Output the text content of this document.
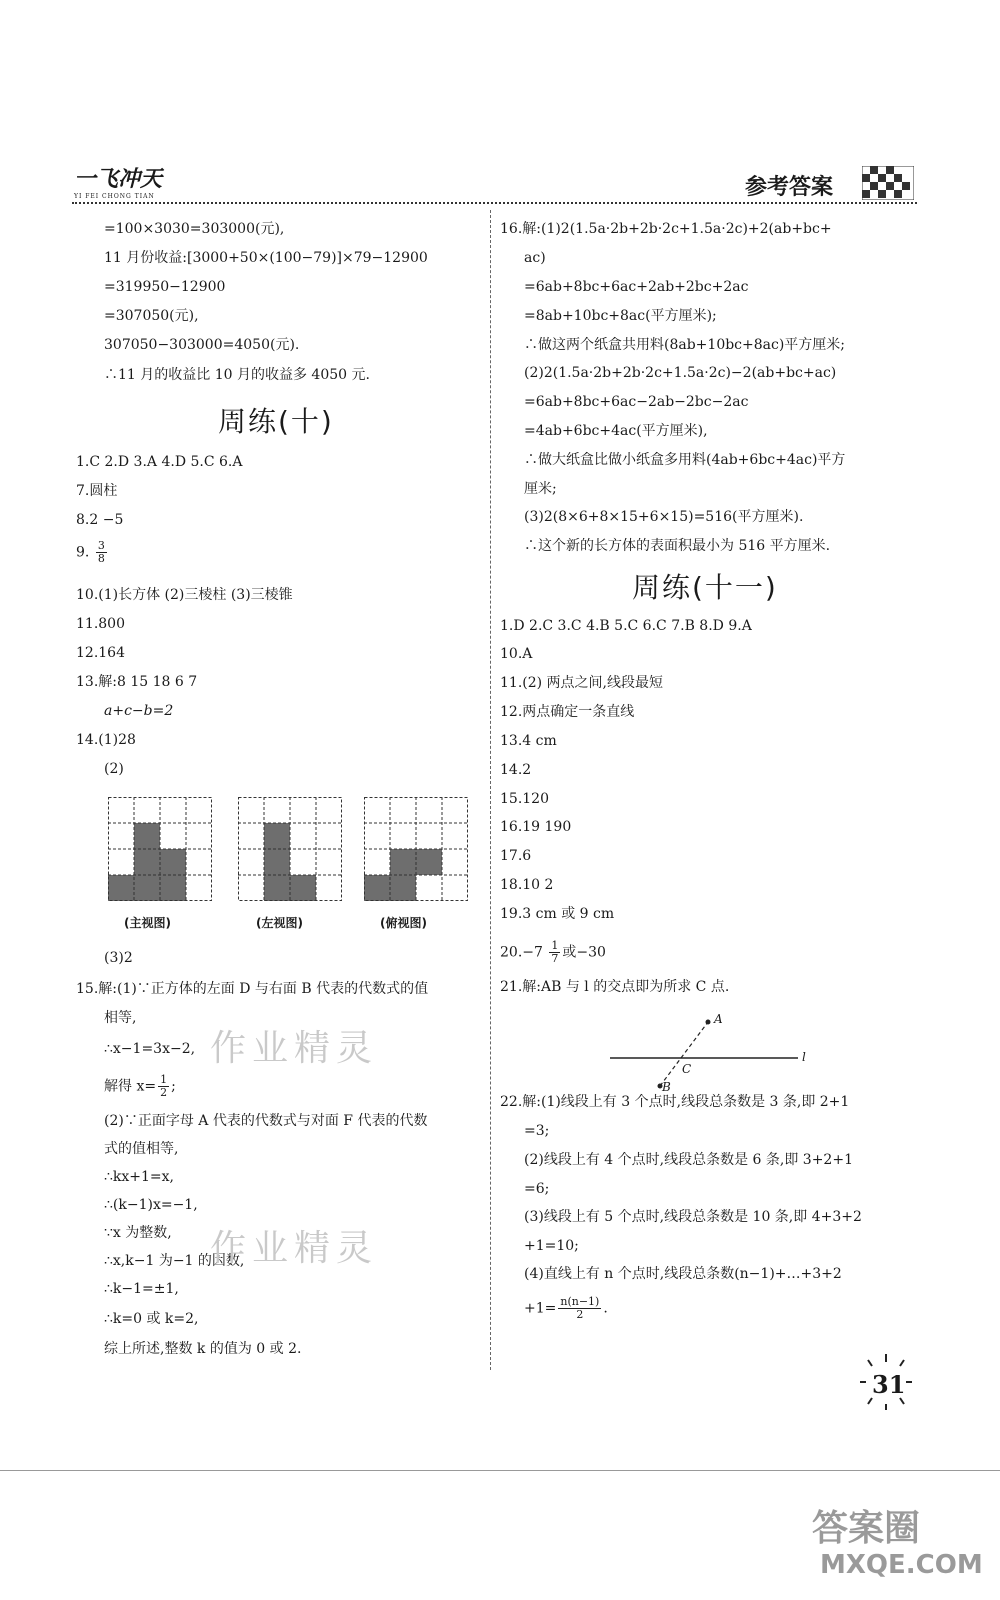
一飞冲天
YI FEI CHONG TIAN	参考答案
=100×3030=303000(元),
11 月份收益:[3000+50×(100−79)]×79−12900
=319950−12900
=307050(元),
307050−303000=4050(元).
∴11 月的收益比 10 月的收益多 4050 元.
周练(十)
1.C 2.D 3.A 4.D 5.C 6.A
7.圆柱
8.2 −5
9. $\frac{3}{8}$
10.(1)长方体 (2)三棱柱 (3)三棱锥
11.800
12.164
13.解:8 15 18 6 7
a+c−b=2
14.(1)28
(2)
(主视图)	(左视图)	(俯视图)
(3)2
15.解:(1)∵正方体的左面 D 与右面 B 代表的代数式的值
相等,
∴x−1=3x−2,
解得 $x= \frac{1}{2}$ ;
(2)∵正面字母 A 代表的代数式与对面 F 代表的代数
式的值相等,
∴kx+1=x,
∴(k−1)x=−1,
∵x 为整数,
∴x,k−1 为−1 的因数,
∴k−1=±1,
∴k=0 或 k=2,
综上所述,整数 k 的值为 0 或 2.
16.解:(1)2(1.5a·2b+2b·2c+1.5a·2c)+2(ab+bc+
ac)
=6ab+8bc+6ac+2ab+2bc+2ac
=8ab+10bc+8ac(平方厘米);
∴做这两个纸盒共用料(8ab+10bc+8ac)平方厘米;
(2)2(1.5a·2b+2b·2c+1.5a·2c)−2(ab+bc+ac)
=6ab+8bc+6ac−2ab−2bc−2ac
=4ab+6bc+4ac(平方厘米),
∴做大纸盒比做小纸盒多用料(4ab+6bc+4ac)平方
厘米;
(3)2(8×6+8×15+6×15)=516(平方厘米).
∴这个新的长方体的表面积最小为 516 平方厘米.
周练(十一)
1.D 2.C 3.C 4.B 5.C 6.C 7.B 8.D 9.A
10.A
11.(2) 两点之间,线段最短
12.两点确定一条直线
13.4 cm
14.2
15.120
16.19 190
17.6
18.10 2
19.3 cm 或 9 cm
$20.-7 \frac{1}{7}$ 或−30
21.解:AB 与 l 的交点即为所求 C 点.
A
B
C
l
22.解:(1)线段上有 3 个点时,线段总条数是 3 条,即 2+1
=3;
(2)线段上有 4 个点时,线段总条数是 6 条,即 3+2+1
=6;
(3)线段上有 5 个点时,线段总条数是 10 条,即 4+3+2
+1=10;
(4)直线上有 n 个点时,线段总条数(n−1)+…+3+2
$+1= \frac{n(n-1)}{2}$ .
作业精灵
作业精灵
31
答案圈
MXQE.COM
